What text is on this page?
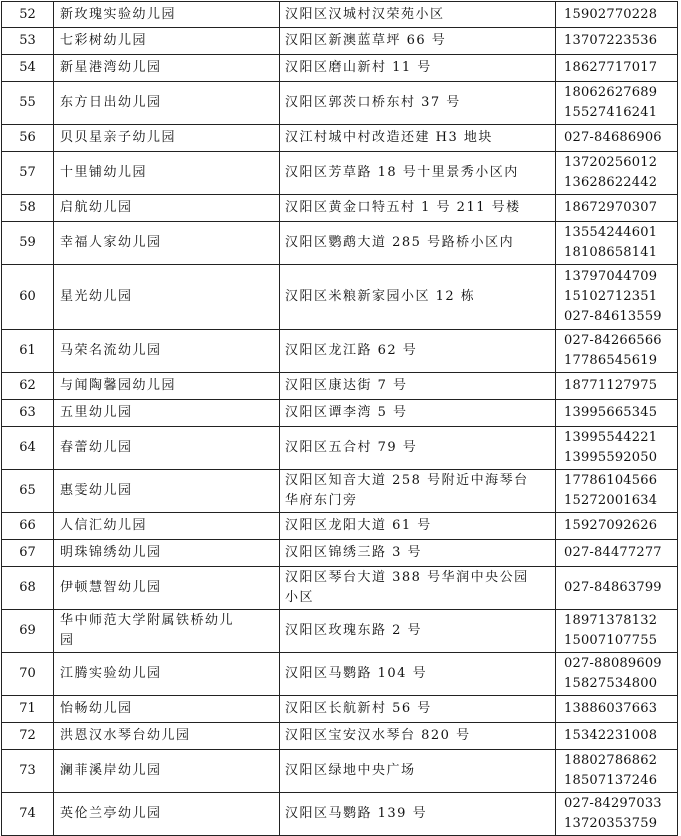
52	新玫瑰实验幼儿园	汉阳区汉城村汉荣苑小区	15902770228

53	七彩树幼儿园	汉阳区新澳蓝草坪 66 号	13707223536

54	新星港湾幼儿园	汉阳区磨山新村 11 号	18627717017

55	东方日出幼儿园	汉阳区郭茨口桥东村 37 号	18062627689
15527416241

56	贝贝星亲子幼儿园	汉江村城中村改造还建 H3 地块	027-84686906

57	十里铺幼儿园	汉阳区芳草路 18 号十里景秀小区内	13720256012
13628622442

58	启航幼儿园	汉阳区黄金口特五村 1 号 211 号楼	18672970307

59	幸福人家幼儿园	汉阳区鹦鹉大道 285 号路桥小区内	13554244601
18108658141

60	星光幼儿园	汉阳区米粮新家园小区 12 栋	13797044709
15102712351
027-84613559

61	马荣名流幼儿园	汉阳区龙江路 62 号	027-84266566
17786545619

62	与闻陶馨园幼儿园	汉阳区康达街 7 号	18771127975

63	五里幼儿园	汉阳区谭李湾 5 号	13995665345

64	春蕾幼儿园	汉阳区五合村 79 号	13995544221
13995592050

65	惠雯幼儿园	汉阳区知音大道 258 号附近中海琴台
华府东门旁	17786104566
15272001634

66	人信汇幼儿园	汉阳区龙阳大道 61 号	15927092626

67	明珠锦绣幼儿园	汉阳区锦绣三路 3 号	027-84477277

68	伊顿慧智幼儿园	汉阳区琴台大道 388 号华润中央公园
小区	027-84863799

69	华中师范大学附属铁桥幼儿
园	汉阳区玫瑰东路 2 号	18971378132
15007107755

70	江腾实验幼儿园	汉阳区马鹦路 104 号	027-88089609
15827534800

71	怡畅幼儿园	汉阳区长航新村 56 号	13886037663

72	洪恩汉水琴台幼儿园	汉阳区宝安汉水琴台 820 号	15342231008

73	澜菲溪岸幼儿园	汉阳区绿地中央广场	18802786862
18507137246

74	英伦兰亭幼儿园	汉阳区马鹦路 139 号	027-84297033
13720353759
